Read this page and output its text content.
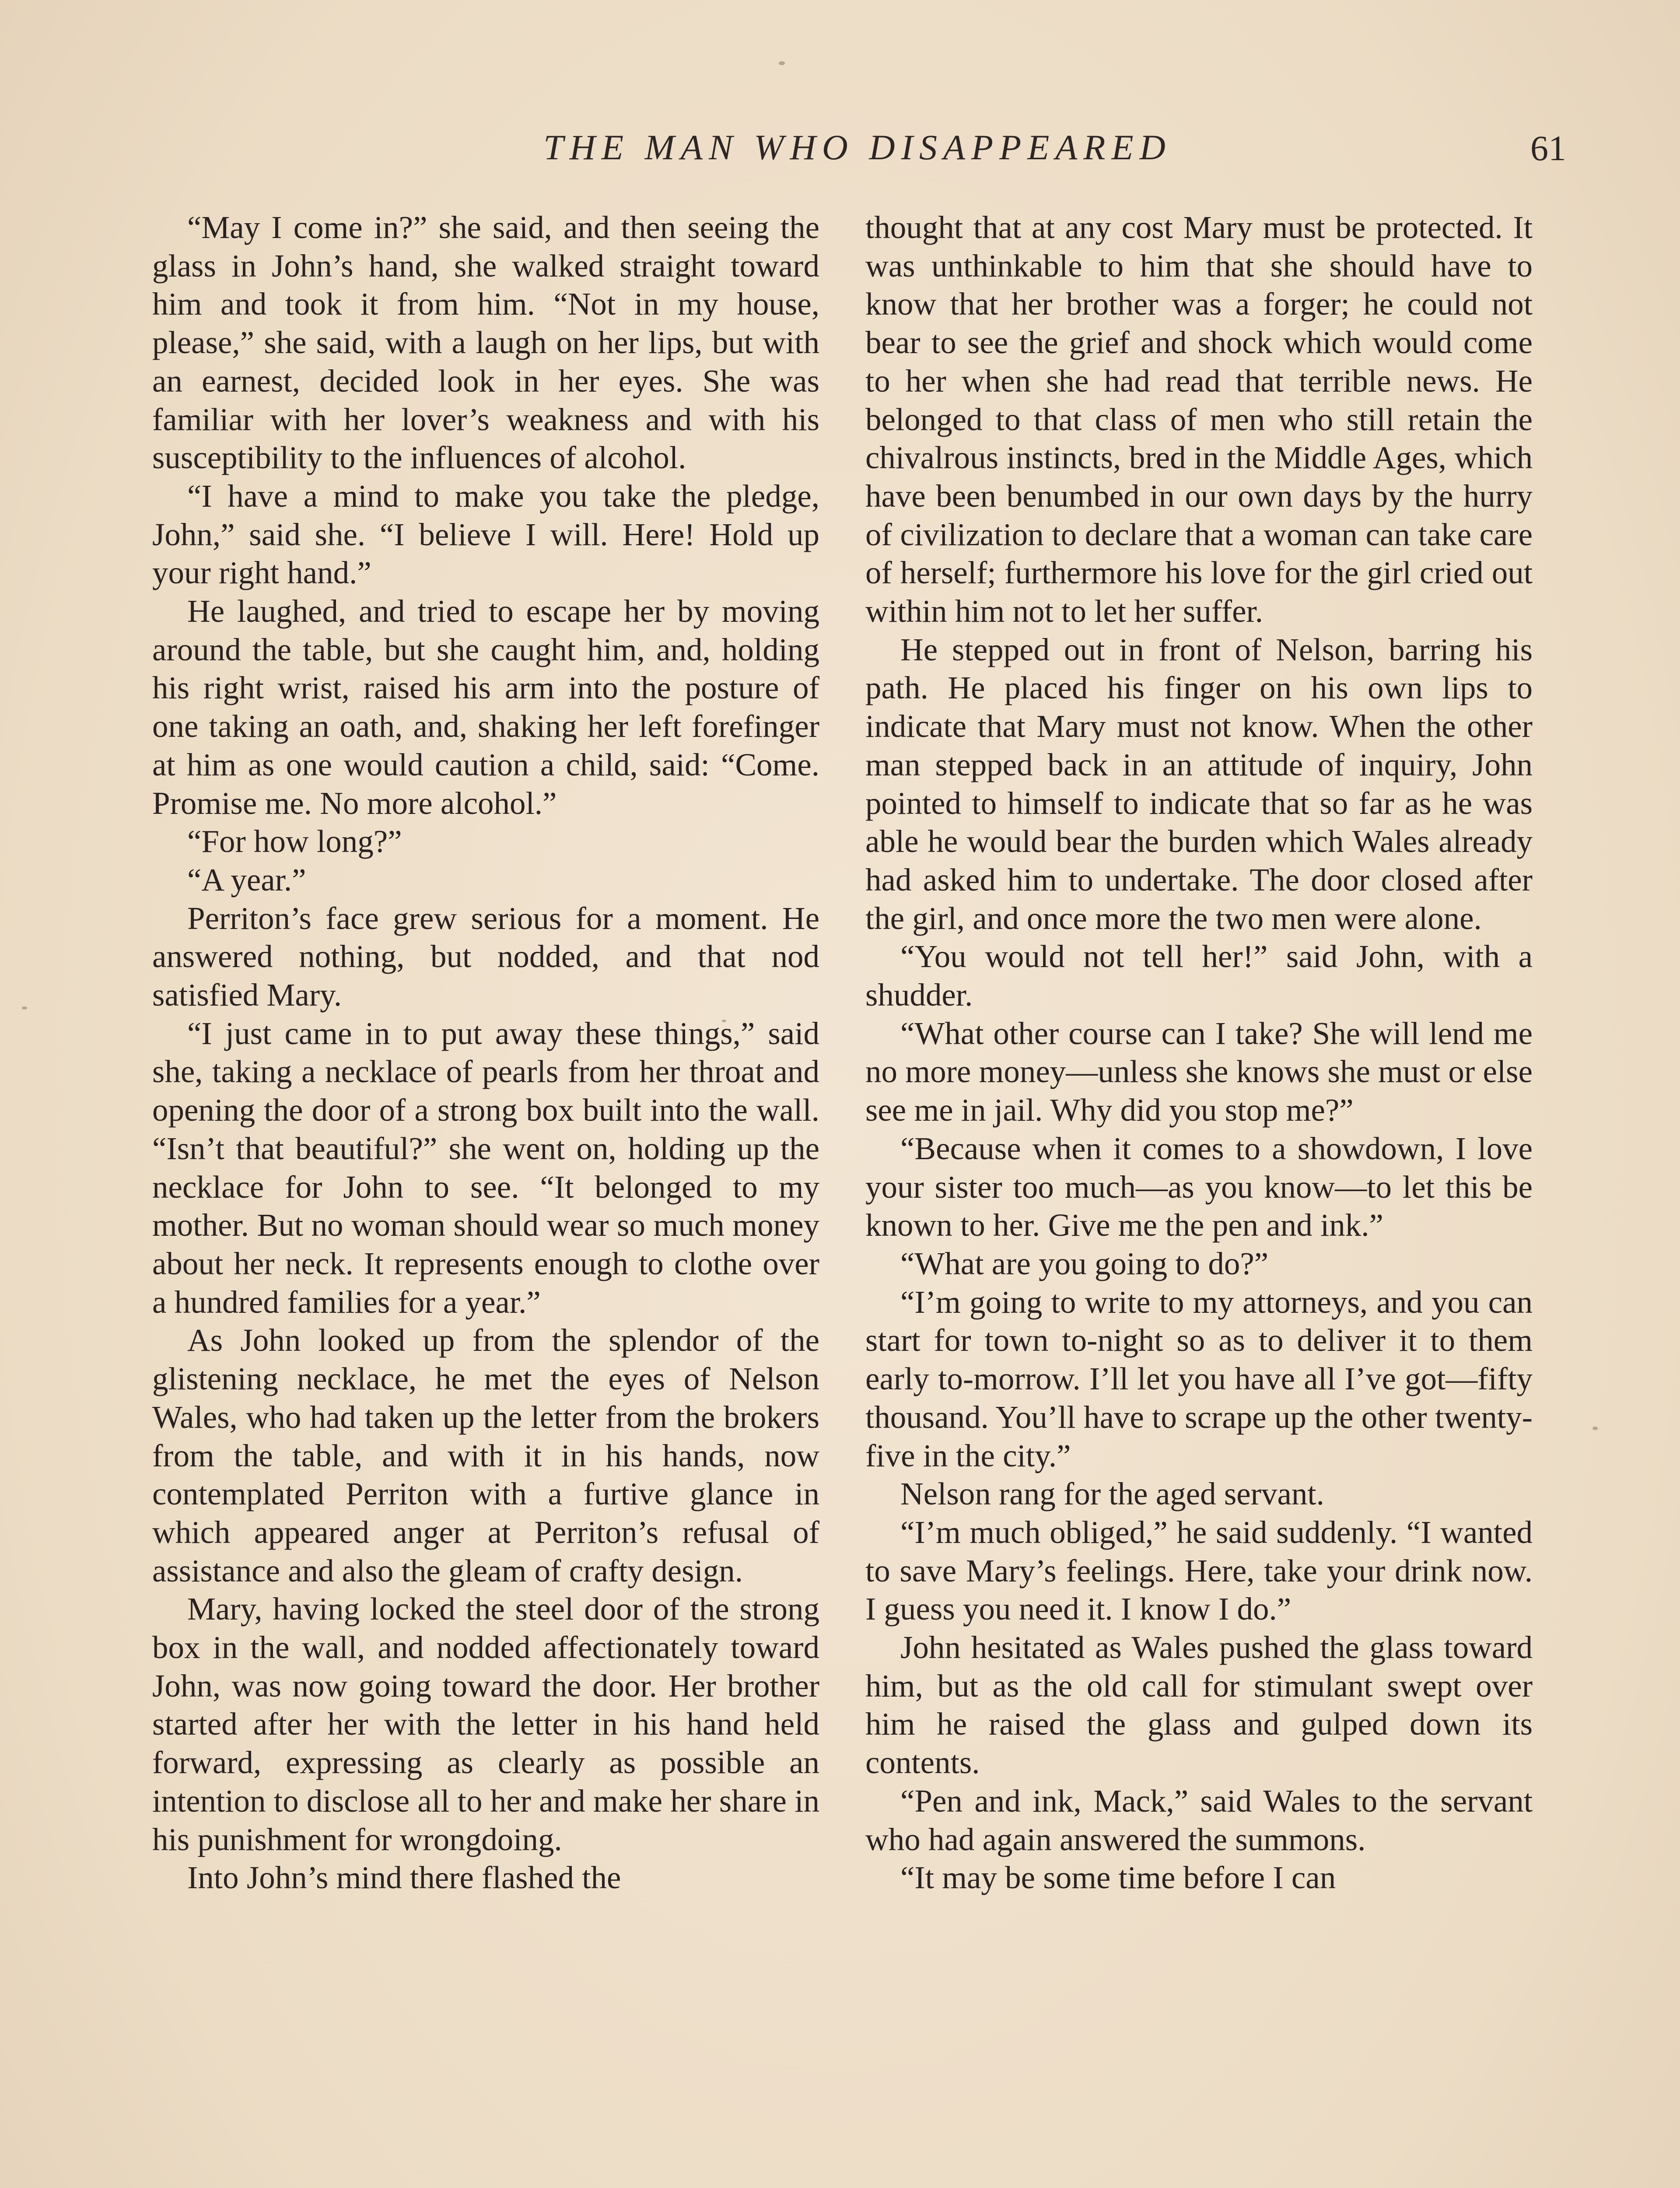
THE MAN WHO DISAPPEARED	61

“May I come in?” she said, and then seeing the glass in John’s hand, she walked straight toward him and took it from him. “Not in my house, please,” she said, with a laugh on her lips, but with an earnest, decided look in her eyes. She was familiar with her lover’s weakness and with his susceptibility to the influences of alcohol.

“I have a mind to make you take the pledge, John,” said she. “I believe I will. Here! Hold up your right hand.”

He laughed, and tried to escape her by moving around the table, but she caught him, and, holding his right wrist, raised his arm into the posture of one taking an oath, and, shaking her left forefinger at him as one would caution a child, said: “Come. Promise me. No more alcohol.”

“For how long?”

“A year.”

Perriton’s face grew serious for a moment. He answered nothing, but nodded, and that nod satisfied Mary.

“I just came in to put away these things,” said she, taking a necklace of pearls from her throat and opening the door of a strong box built into the wall. “Isn’t that beautiful?” she went on, holding up the necklace for John to see. “It belonged to my mother. But no woman should wear so much money about her neck. It represents enough to clothe over a hundred families for a year.”

As John looked up from the splendor of the glistening necklace, he met the eyes of Nelson Wales, who had taken up the letter from the brokers from the table, and with it in his hands, now contemplated Perriton with a furtive glance in which appeared anger at Perriton’s refusal of assistance and also the gleam of crafty design.

Mary, having locked the steel door of the strong box in the wall, and nodded affectionately toward John, was now going toward the door. Her brother started after her with the letter in his hand held forward, expressing as clearly as possible an intention to disclose all to her and make her share in his punishment for wrongdoing.

Into John’s mind there flashed the

thought that at any cost Mary must be protected. It was unthinkable to him that she should have to know that her brother was a forger; he could not bear to see the grief and shock which would come to her when she had read that terrible news. He belonged to that class of men who still retain the chivalrous instincts, bred in the Middle Ages, which have been benumbed in our own days by the hurry of civilization to declare that a woman can take care of herself; furthermore his love for the girl cried out within him not to let her suffer.

He stepped out in front of Nelson, barring his path. He placed his finger on his own lips to indicate that Mary must not know. When the other man stepped back in an attitude of inquiry, John pointed to himself to indicate that so far as he was able he would bear the burden which Wales already had asked him to undertake. The door closed after the girl, and once more the two men were alone.

“You would not tell her!” said John, with a shudder.

“What other course can I take? She will lend me no more money—unless she knows she must or else see me in jail. Why did you stop me?”

“Because when it comes to a showdown, I love your sister too much—as you know—to let this be known to her. Give me the pen and ink.”

“What are you going to do?”

“I’m going to write to my attorneys, and you can start for town to-night so as to deliver it to them early to-morrow. I’ll let you have all I’ve got—fifty thousand. You’ll have to scrape up the other twenty-five in the city.”

Nelson rang for the aged servant.

“I’m much obliged,” he said suddenly. “I wanted to save Mary’s feelings. Here, take your drink now. I guess you need it. I know I do.”

John hesitated as Wales pushed the glass toward him, but as the old call for stimulant swept over him he raised the glass and gulped down its contents.

“Pen and ink, Mack,” said Wales to the servant who had again answered the summons.

“It may be some time before I can
